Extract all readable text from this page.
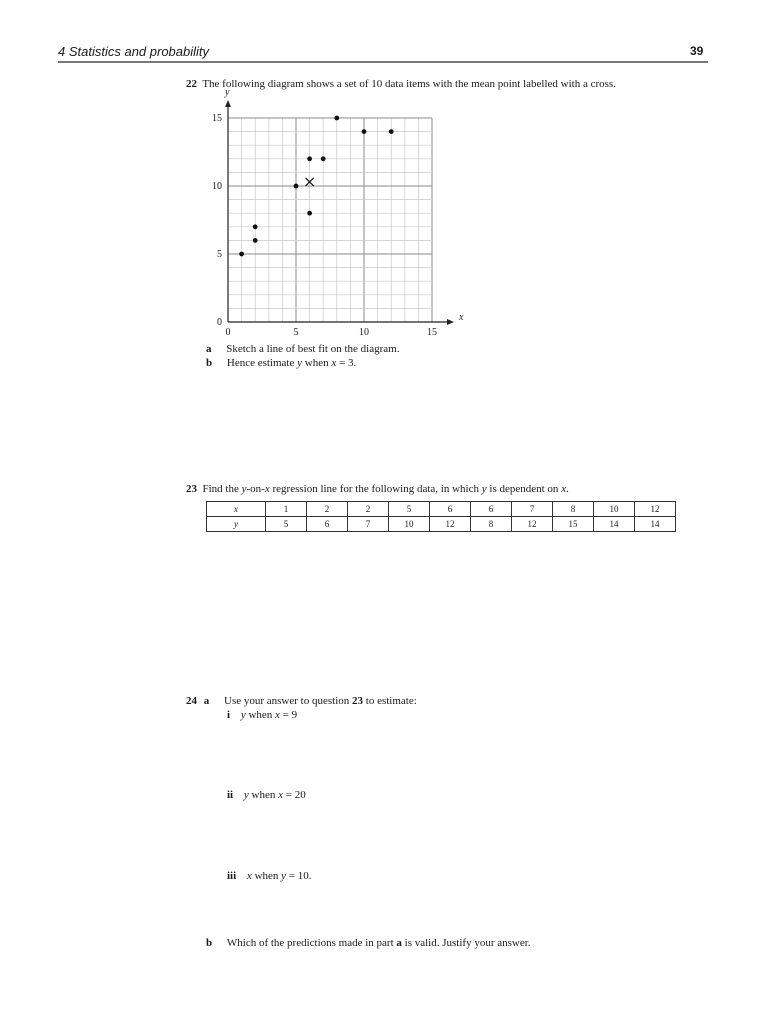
4 Statistics and probability	39
22 The following diagram shows a set of 10 data items with the mean point labelled with a cross.
x
y
0	5	10	15
0
5
10
15
a Sketch a line of best fit on the diagram.
b Hence estimate y when x = 3.
23 Find the y-on-x regression line for the following data, in which y is dependent on x.
x	1	2	2	5	6	6	7	8	10	12
y	5	6	7	10	12	8	12	15	14	14
24 a Use your answer to question 23 to estimate:
i y when x = 9
ii y when x = 20
iii x when y = 10.
b Which of the predictions made in part a is valid. Justify your answer.
